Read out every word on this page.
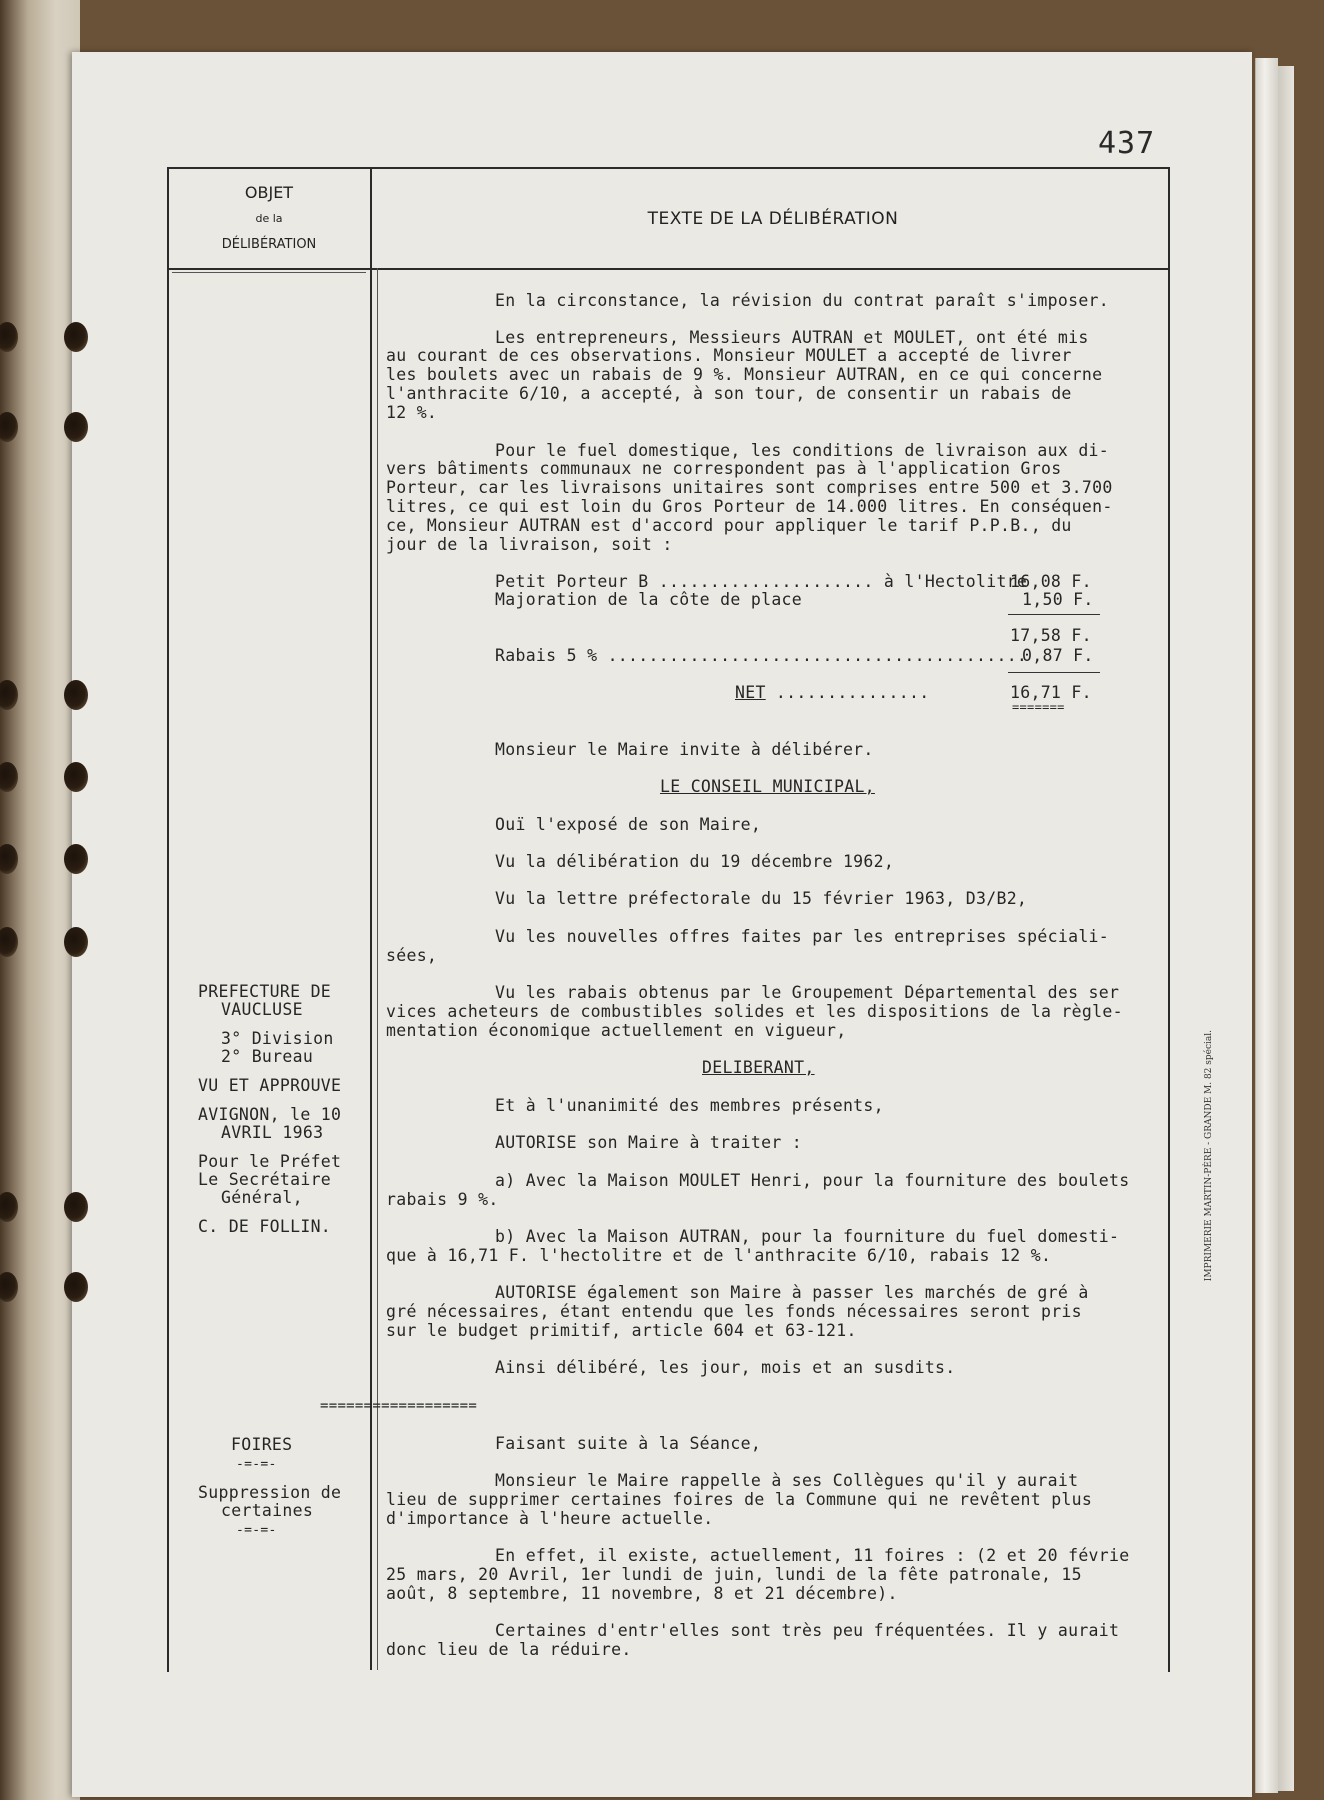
437
OBJET
de la
DÉLIBÉRATION
TEXTE DE LA DÉLIBÉRATION
PREFECTURE DE
VAUCLUSE
3° Division
2° Bureau
VU ET APPROUVE
AVIGNON, le 10
AVRIL 1963
Pour le Préfet
Le Secrétaire
Général,
C. DE FOLLIN.
==================
FOIRES
-=-=-
Suppression de
certaines
-=-=-
En la circonstance, la révision du contrat paraît s'imposer.
Les entrepreneurs, Messieurs AUTRAN et MOULET, ont été mis
au courant de ces observations. Monsieur MOULET a accepté de livrer
les boulets avec un rabais de 9 %. Monsieur AUTRAN, en ce qui concerne
l'anthracite 6/10, a accepté, à son tour, de consentir un rabais de
12 %.
Pour le fuel domestique, les conditions de livraison aux di-
vers bâtiments communaux ne correspondent pas à l'application Gros
Porteur, car les livraisons unitaires sont comprises entre 500 et 3.700
litres, ce qui est loin du Gros Porteur de 14.000 litres. En conséquen-
ce, Monsieur AUTRAN est d'accord pour appliquer le tarif P.P.B., du
jour de la livraison, soit :
Petit Porteur B ..................... à l'Hectolitre
16,08 F.
Majoration de la côte de place	1,50 F.
17,58 F.
Rabais 5 % .........................................
0,87 F.
NET ...............	16,71 F.
=======
Monsieur le Maire invite à délibérer.
LE CONSEIL MUNICIPAL,
Ouï l'exposé de son Maire,
Vu la délibération du 19 décembre 1962,
Vu la lettre préfectorale du 15 février 1963, D3/B2,
Vu les nouvelles offres faites par les entreprises spéciali-
sées,
Vu les rabais obtenus par le Groupement Départemental des ser
vices acheteurs de combustibles solides et les dispositions de la règle-
mentation économique actuellement en vigueur,
DELIBERANT,
Et à l'unanimité des membres présents,
AUTORISE son Maire à traiter :
a) Avec la Maison MOULET Henri, pour la fourniture des boulets
rabais 9 %.
b) Avec la Maison AUTRAN, pour la fourniture du fuel domesti-
que à 16,71 F. l'hectolitre et de l'anthracite 6/10, rabais 12 %.
AUTORISE également son Maire à passer les marchés de gré à
gré nécessaires, étant entendu que les fonds nécessaires seront pris
sur le budget primitif, article 604 et 63-121.
Ainsi délibéré, les jour, mois et an susdits.
Faisant suite à la Séance,
Monsieur le Maire rappelle à ses Collègues qu'il y aurait
lieu de supprimer certaines foires de la Commune qui ne revêtent plus
d'importance à l'heure actuelle.
En effet, il existe, actuellement, 11 foires : (2 et 20 févrie
25 mars, 20 Avril, 1er lundi de juin, lundi de la fête patronale, 15
août, 8 septembre, 11 novembre, 8 et 21 décembre).
Certaines d'entr'elles sont très peu fréquentées. Il y aurait
donc lieu de la réduire.
IMPRIMERIE MARTIN-PÈRE - GRANDE M. 82 spécial.
